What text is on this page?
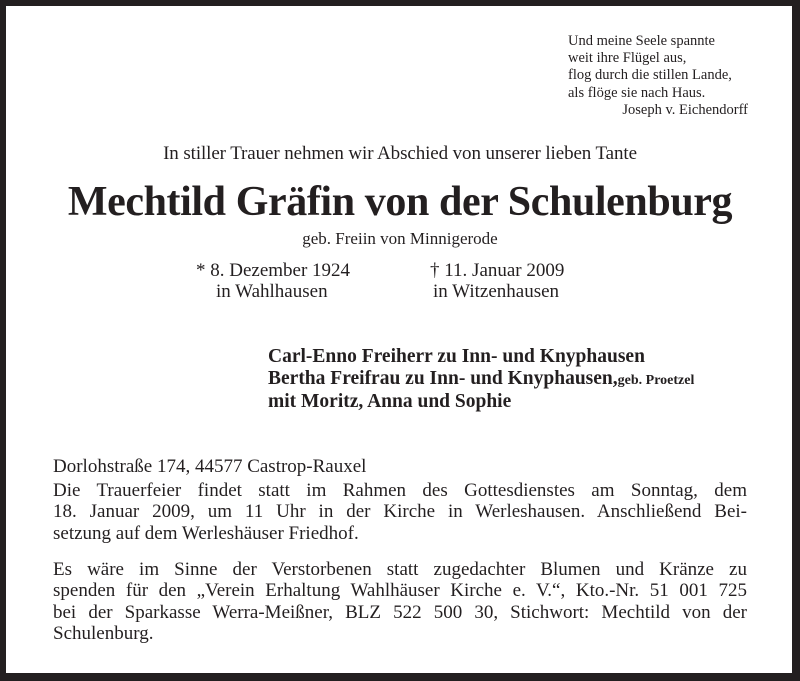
Und meine Seele spannte
weit ihre Flügel aus,
flog durch die stillen Lande,
als flöge sie nach Haus.
Joseph v. Eichendorff
In stiller Trauer nehmen wir Abschied von unserer lieben Tante
Mechtild Gräfin von der Schulenburg
geb. Freiin von Minnigerode
* 8. Dezember 1924
in Wahlhausen
† 11. Januar 2009
in Witzenhausen
Carl-Enno Freiherr zu Inn- und Knyphausen
Bertha Freifrau zu Inn- und Knyphausen,geb. Proetzel
mit Moritz, Anna und Sophie
Dorlohstraße 174, 44577 Castrop-Rauxel
Die Trauerfeier findet statt im Rahmen des Gottesdienstes am Sonntag, dem
18. Januar 2009, um 11 Uhr in der Kirche in Werleshausen. Anschließend Bei-
setzung auf dem Werleshäuser Friedhof.
Es wäre im Sinne der Verstorbenen statt zugedachter Blumen und Kränze zu
spenden für den „Verein Erhaltung Wahlhäuser Kirche e. V.“, Kto.-Nr. 51 001 725
bei der Sparkasse Werra-Meißner, BLZ 522 500 30, Stichwort: Mechtild von der
Schulenburg.
